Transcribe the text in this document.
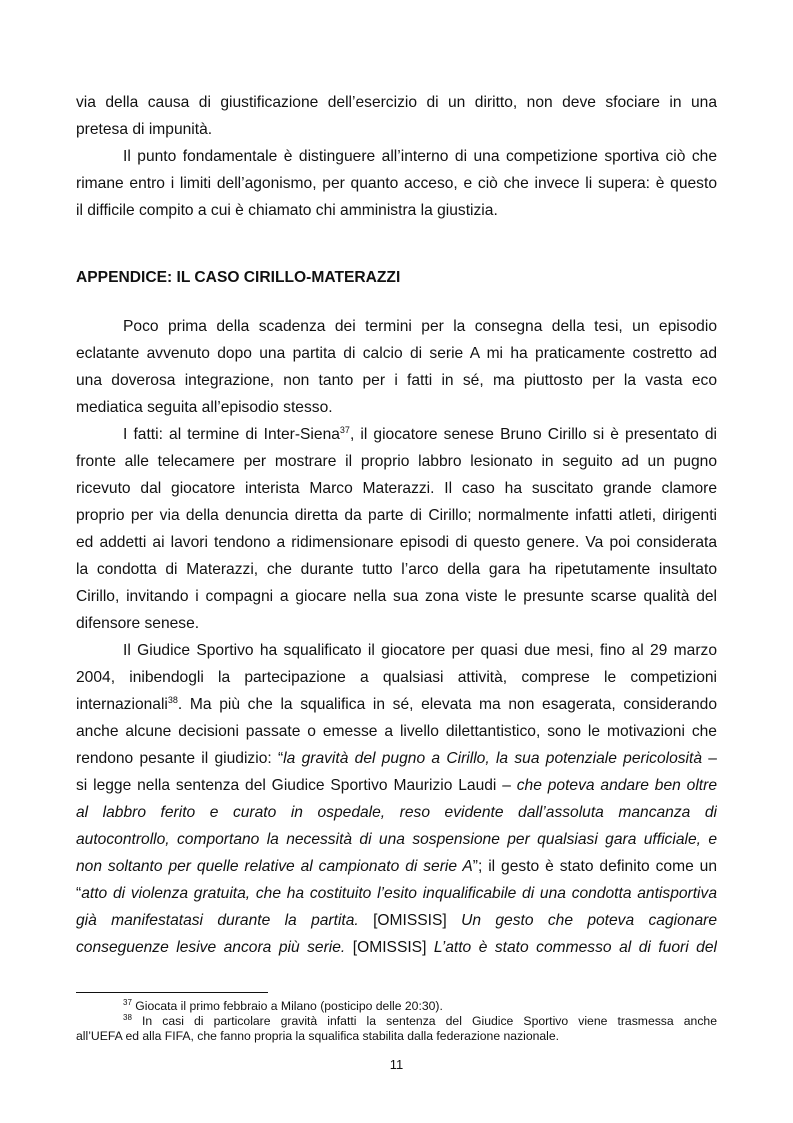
via della causa di giustificazione dell’esercizio di un diritto, non deve sfociare in una
pretesa di impunità.
Il punto fondamentale è distinguere all’interno di una competizione sportiva ciò che
rimane entro i limiti dell’agonismo, per quanto acceso, e ciò che invece li supera: è questo
il difficile compito a cui è chiamato chi amministra la giustizia.
APPENDICE: IL CASO CIRILLO-MATERAZZI
Poco prima della scadenza dei termini per la consegna della tesi, un episodio
eclatante avvenuto dopo una partita di calcio di serie A mi ha praticamente costretto ad
una doverosa integrazione, non tanto per i fatti in sé, ma piuttosto per la vasta eco
mediatica seguita all’episodio stesso.
I fatti: al termine di Inter-Siena$^{37}$, il giocatore senese Bruno Cirillo si è presentato di
fronte alle telecamere per mostrare il proprio labbro lesionato in seguito ad un pugno
ricevuto dal giocatore interista Marco Materazzi. Il caso ha suscitato grande clamore
proprio per via della denuncia diretta da parte di Cirillo; normalmente infatti atleti, dirigenti
ed addetti ai lavori tendono a ridimensionare episodi di questo genere. Va poi considerata
la condotta di Materazzi, che durante tutto l’arco della gara ha ripetutamente insultato
Cirillo, invitando i compagni a giocare nella sua zona viste le presunte scarse qualità del
difensore senese.
Il Giudice Sportivo ha squalificato il giocatore per quasi due mesi, fino al 29 marzo
2004, inibendogli la partecipazione a qualsiasi attività, comprese le competizioni
internazionali$^{38}$. Ma più che la squalifica in sé, elevata ma non esagerata, considerando
anche alcune decisioni passate o emesse a livello dilettantistico, sono le motivazioni che
rendono pesante il giudizio: “la gravità del pugno a Cirillo, la sua potenziale pericolosità –
si legge nella sentenza del Giudice Sportivo Maurizio Laudi – che poteva andare ben oltre
al labbro ferito e curato in ospedale, reso evidente dall’assoluta mancanza di
autocontrollo, comportano la necessità di una sospensione per qualsiasi gara ufficiale, e
non soltanto per quelle relative al campionato di serie A”; il gesto è stato definito come un
“atto di violenza gratuita, che ha costituito l’esito inqualificabile di una condotta antisportiva
già manifestatasi durante la partita. [OMISSIS] Un gesto che poteva cagionare
conseguenze lesive ancora più serie. [OMISSIS] L’atto è stato commesso al di fuori del
$^{37}$ Giocata il primo febbraio a Milano (posticipo delle 20:30).
$^{38}$ In casi di particolare gravità infatti la sentenza del Giudice Sportivo viene trasmessa anche
all’UEFA ed alla FIFA, che fanno propria la squalifica stabilita dalla federazione nazionale.
11
